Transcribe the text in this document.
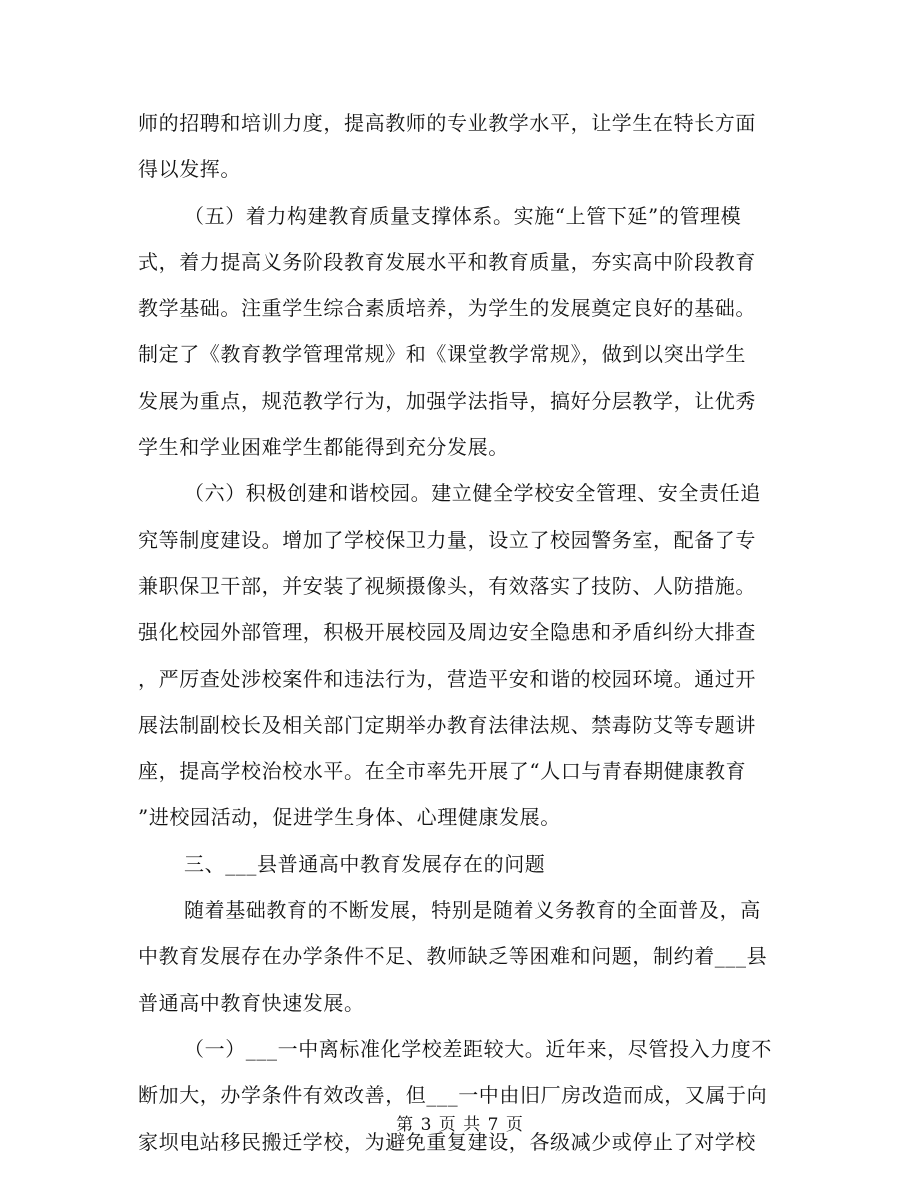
师的招聘和培训力度，提高教师的专业教学水平，让学生在特长方面
得以发挥。
（五）着力构建教育质量支撑体系。实施“上管下延”的管理模
式，着力提高义务阶段教育发展水平和教育质量，夯实高中阶段教育
教学基础。注重学生综合素质培养，为学生的发展奠定良好的基础。
制定了《教育教学管理常规》和《课堂教学常规》，做到以突出学生
发展为重点，规范教学行为，加强学法指导，搞好分层教学，让优秀
学生和学业困难学生都能得到充分发展。
（六）积极创建和谐校园。建立健全学校安全管理、安全责任追
究等制度建设。增加了学校保卫力量，设立了校园警务室，配备了专
兼职保卫干部，并安装了视频摄像头，有效落实了技防、人防措施。
强化校园外部管理，积极开展校园及周边安全隐患和矛盾纠纷大排查
，严厉查处涉校案件和违法行为，营造平安和谐的校园环境。通过开
展法制副校长及相关部门定期举办教育法律法规、禁毒防艾等专题讲
座，提高学校治校水平。在全市率先开展了“人口与青春期健康教育
”进校园活动，促进学生身体、心理健康发展。
三、___县普通高中教育发展存在的问题
随着基础教育的不断发展，特别是随着义务教育的全面普及，高
中教育发展存在办学条件不足、教师缺乏等困难和问题，制约着___县
普通高中教育快速发展。
（一）___一中离标准化学校差距较大。近年来，尽管投入力度不
断加大，办学条件有效改善，但___一中由旧厂房改造而成，又属于向
家坝电站移民搬迁学校，为避免重复建设，各级减少或停止了对学校
第 3 页 共 7 页
